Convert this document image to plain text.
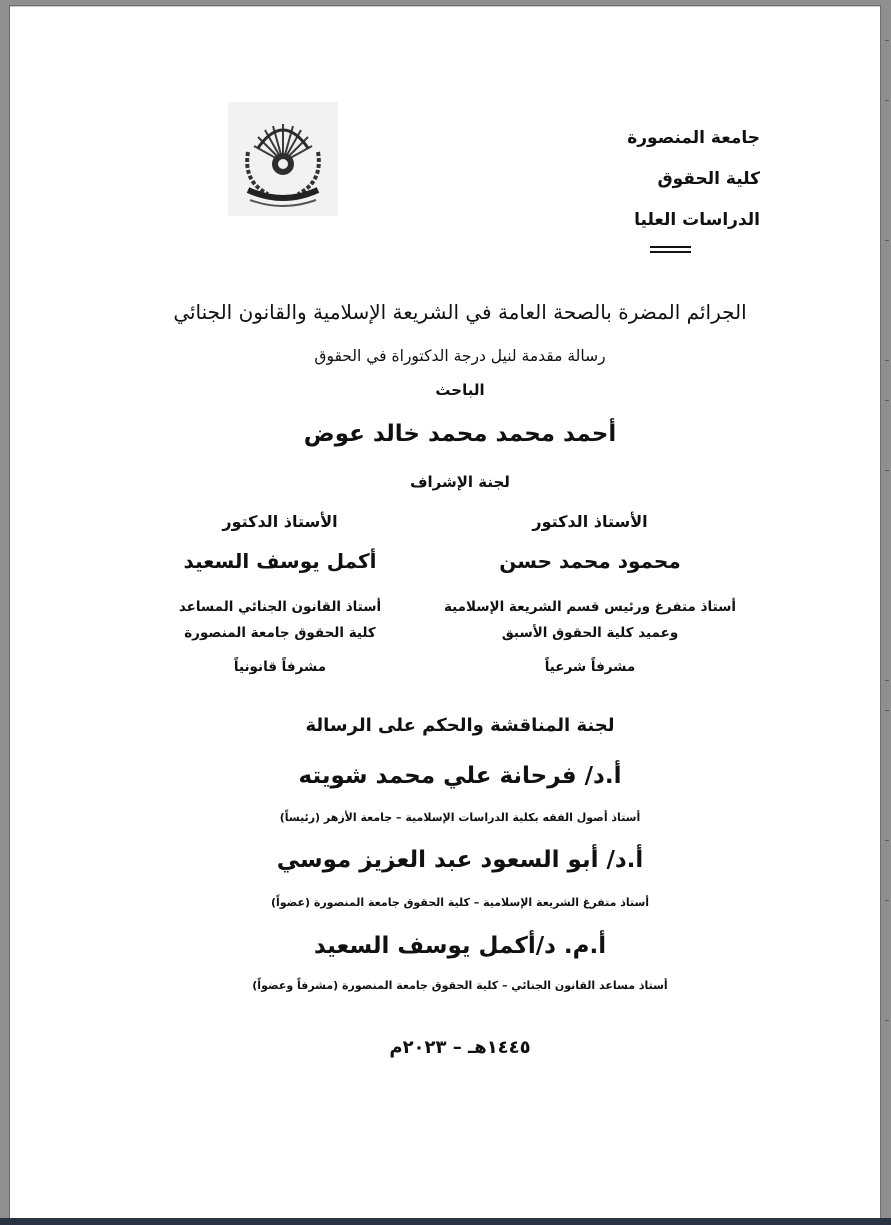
جامعة المنصورة
كلية الحقوق
الدراسات العليا
الجرائم المضرة بالصحة العامة في الشريعة الإسلامية والقانون الجنائي
رسالة مقدمة لنيل درجة الدكتوراة في الحقوق
الباحث
أحمد محمد محمد خالد عوض
لجنة الإشراف
الأستاذ الدكتور
محمود محمد حسن
أستاذ متفرغ ورئيس قسم الشريعة الإسلامية
وعميد كلية الحقوق الأسبق
مشرفاً شرعياً
الأستاذ الدكتور
أكمل يوسف السعيد
أستاذ القانون الجنائي المساعد
كلية الحقوق جامعة المنصورة
مشرفاً قانونياً
لجنة المناقشة والحكم على الرسالة
أ.د/ فرحانة علي محمد شويته
أستاذ أصول الفقه بكلية الدراسات الإسلامية – جامعة الأزهر (رئيساً)
أ.د/ أبو السعود عبد العزيز موسي
أستاذ متفرغ الشريعة الإسلامية – كلية الحقوق جامعة المنصورة (عضواً)
أ.م. د/أكمل يوسف السعيد
أستاذ مساعد القانون الجنائي – كلية الحقوق جامعة المنصورة (مشرفاً وعضواً)
١٤٤٥هـ – ٢٠٢٣م
